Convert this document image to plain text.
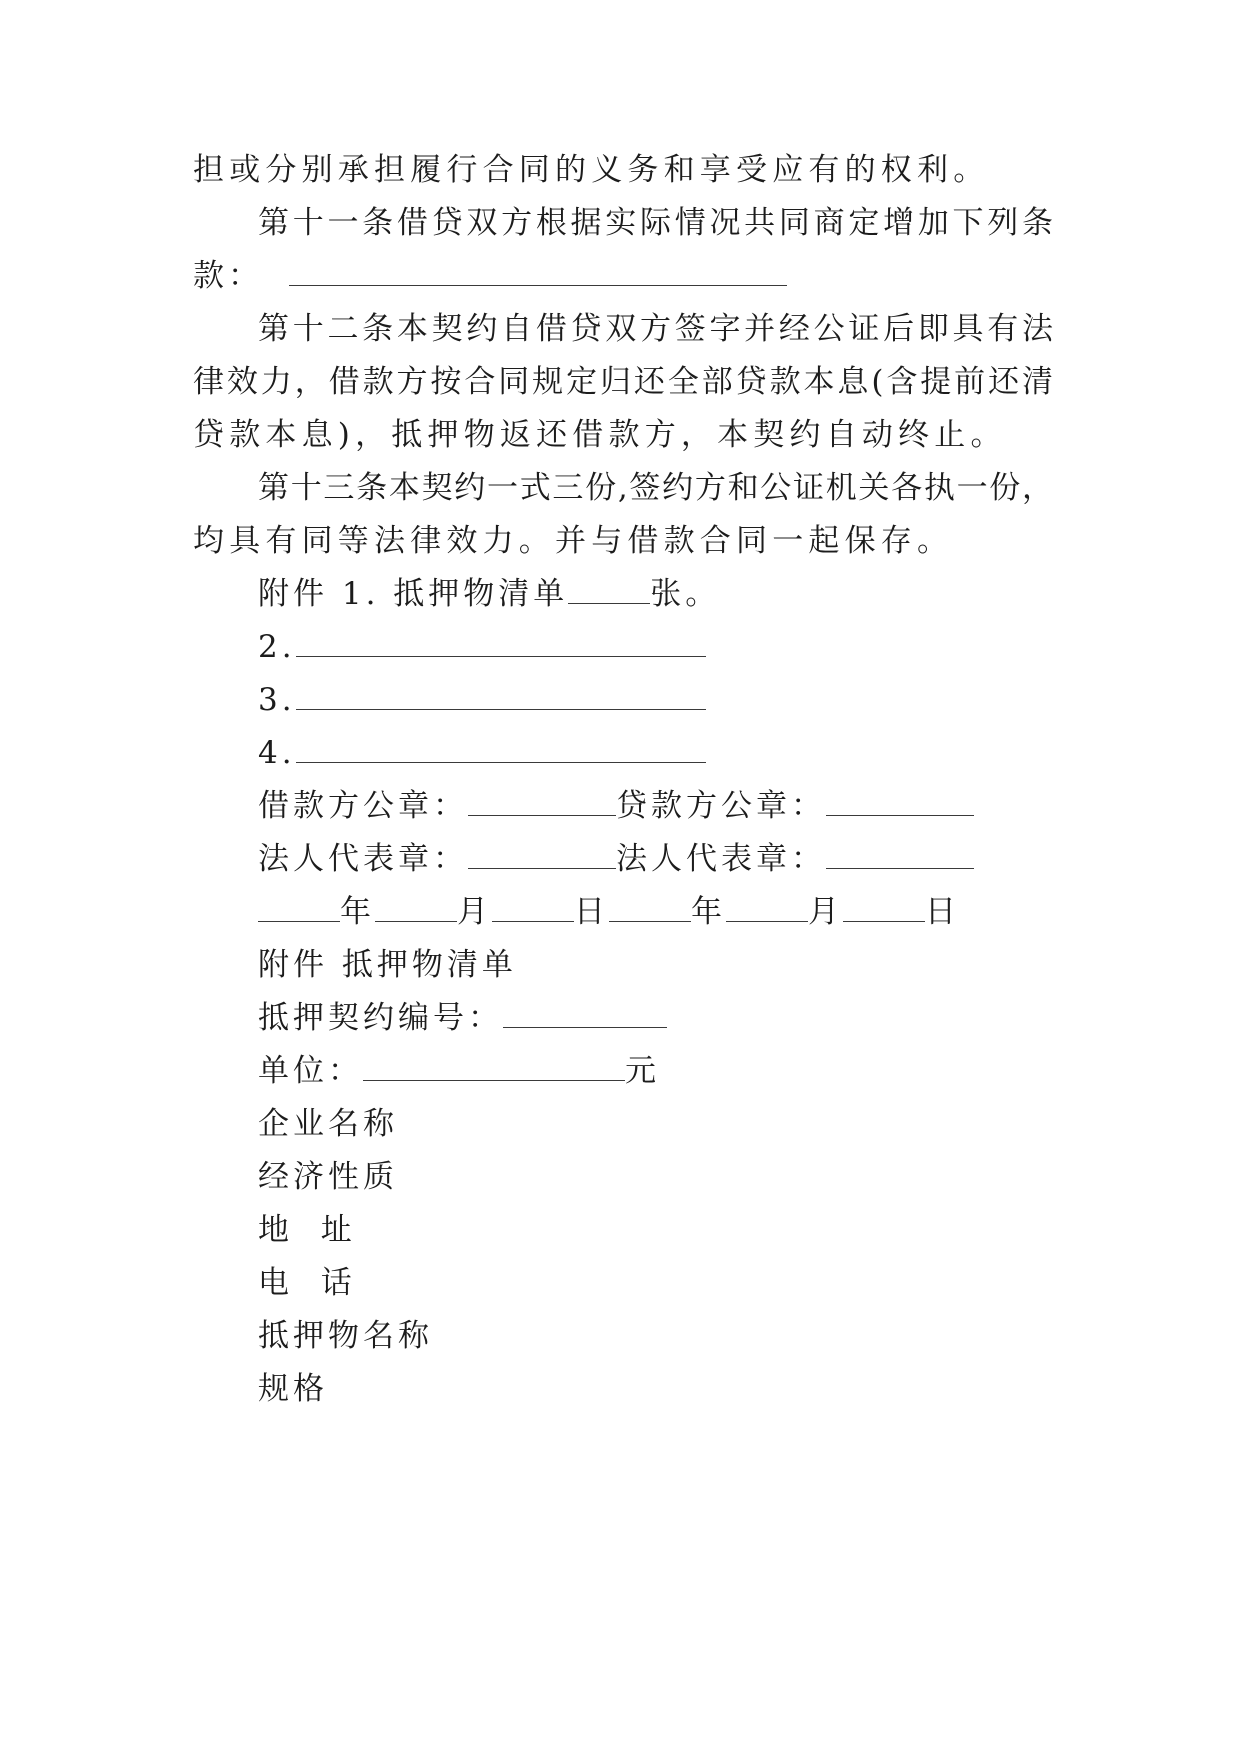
担或分别承担履行合同的义务和享受应有的权利。
第十一条借贷双方根据实际情况共同商定增加下列条
款：
第十二条本契约自借贷双方签字并经公证后即具有法
律效力，借款方按合同规定归还全部贷款本息(含提前还清
贷款本息)，抵押物返还借款方，本契约自动终止。
第十三条本契约一式三份,签约方和公证机关各执一份，
均具有同等法律效力。并与借款合同一起保存。
附件 1. 抵押物清单	张。
2.
3.
4.
借款方公章：	贷款方公章：
法人代表章：	法人代表章：
年	月	日	年	月	日
附件 抵押物清单
抵押契约编号：
单位：	元
企业名称
经济性质
地  址
电  话
抵押物名称
规格
